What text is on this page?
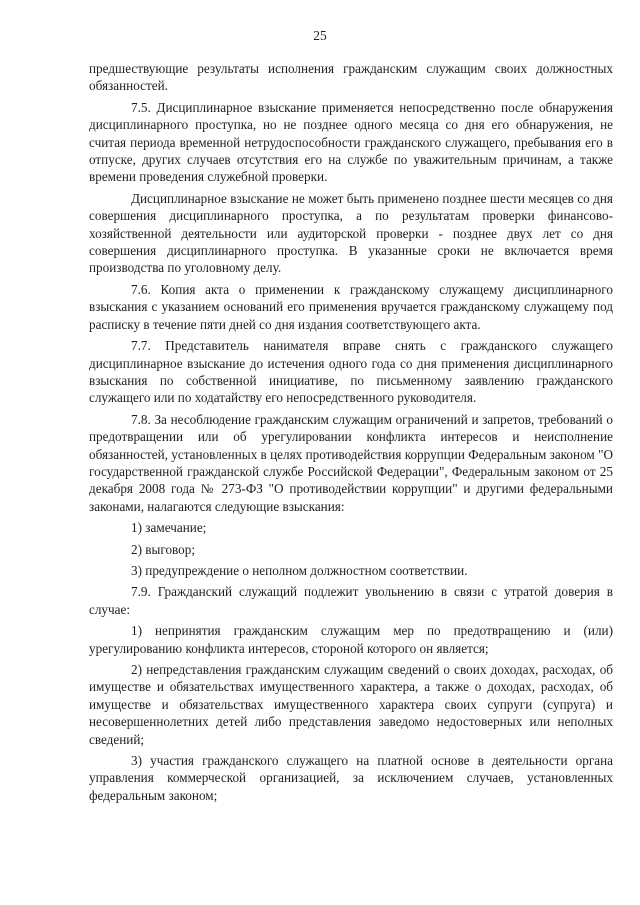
25

предшествующие результаты исполнения гражданским служащим своих должностных обязанностей.

7.5. Дисциплинарное взыскание применяется непосредственно после обнаружения дисциплинарного проступка, но не позднее одного месяца со дня его обнаружения, не считая периода временной нетрудоспособности гражданского служащего, пребывания его в отпуске, других случаев отсутствия его на службе по уважительным причинам, а также времени проведения служебной проверки.

Дисциплинарное взыскание не может быть применено позднее шести месяцев со дня совершения дисциплинарного проступка, а по результатам проверки финансово-хозяйственной деятельности или аудиторской проверки - позднее двух лет со дня совершения дисциплинарного проступка. В указанные сроки не включается время производства по уголовному делу.

7.6. Копия акта о применении к гражданскому служащему дисциплинарного взыскания с указанием оснований его применения вручается гражданскому служащему под расписку в течение пяти дней со дня издания соответствующего акта.

7.7. Представитель нанимателя вправе снять с гражданского служащего дисциплинарное взыскание до истечения одного года со дня применения дисциплинарного взыскания по собственной инициативе, по письменному заявлению гражданского служащего или по ходатайству его непосредственного руководителя.

7.8. За несоблюдение гражданским служащим ограничений и запретов, требований о предотвращении или об урегулировании конфликта интересов и неисполнение обязанностей, установленных в целях противодействия коррупции Федеральным законом "О государственной гражданской службе Российской Федерации", Федеральным законом от 25 декабря 2008 года № 273-ФЗ "О противодействии коррупции" и другими федеральными законами, налагаются следующие взыскания:

1) замечание;

2) выговор;

3) предупреждение о неполном должностном соответствии.

7.9. Гражданский служащий подлежит увольнению в связи с утратой доверия в случае:

1) непринятия гражданским служащим мер по предотвращению и (или) урегулированию конфликта интересов, стороной которого он является;

2) непредставления гражданским служащим сведений о своих доходах, расходах, об имуществе и обязательствах имущественного характера, а также о доходах, расходах, об имуществе и обязательствах имущественного характера своих супруги (супруга) и несовершеннолетних детей либо представления заведомо недостоверных или неполных сведений;

3) участия гражданского служащего на платной основе в деятельности органа управления коммерческой организацией, за исключением случаев, установленных федеральным законом;
